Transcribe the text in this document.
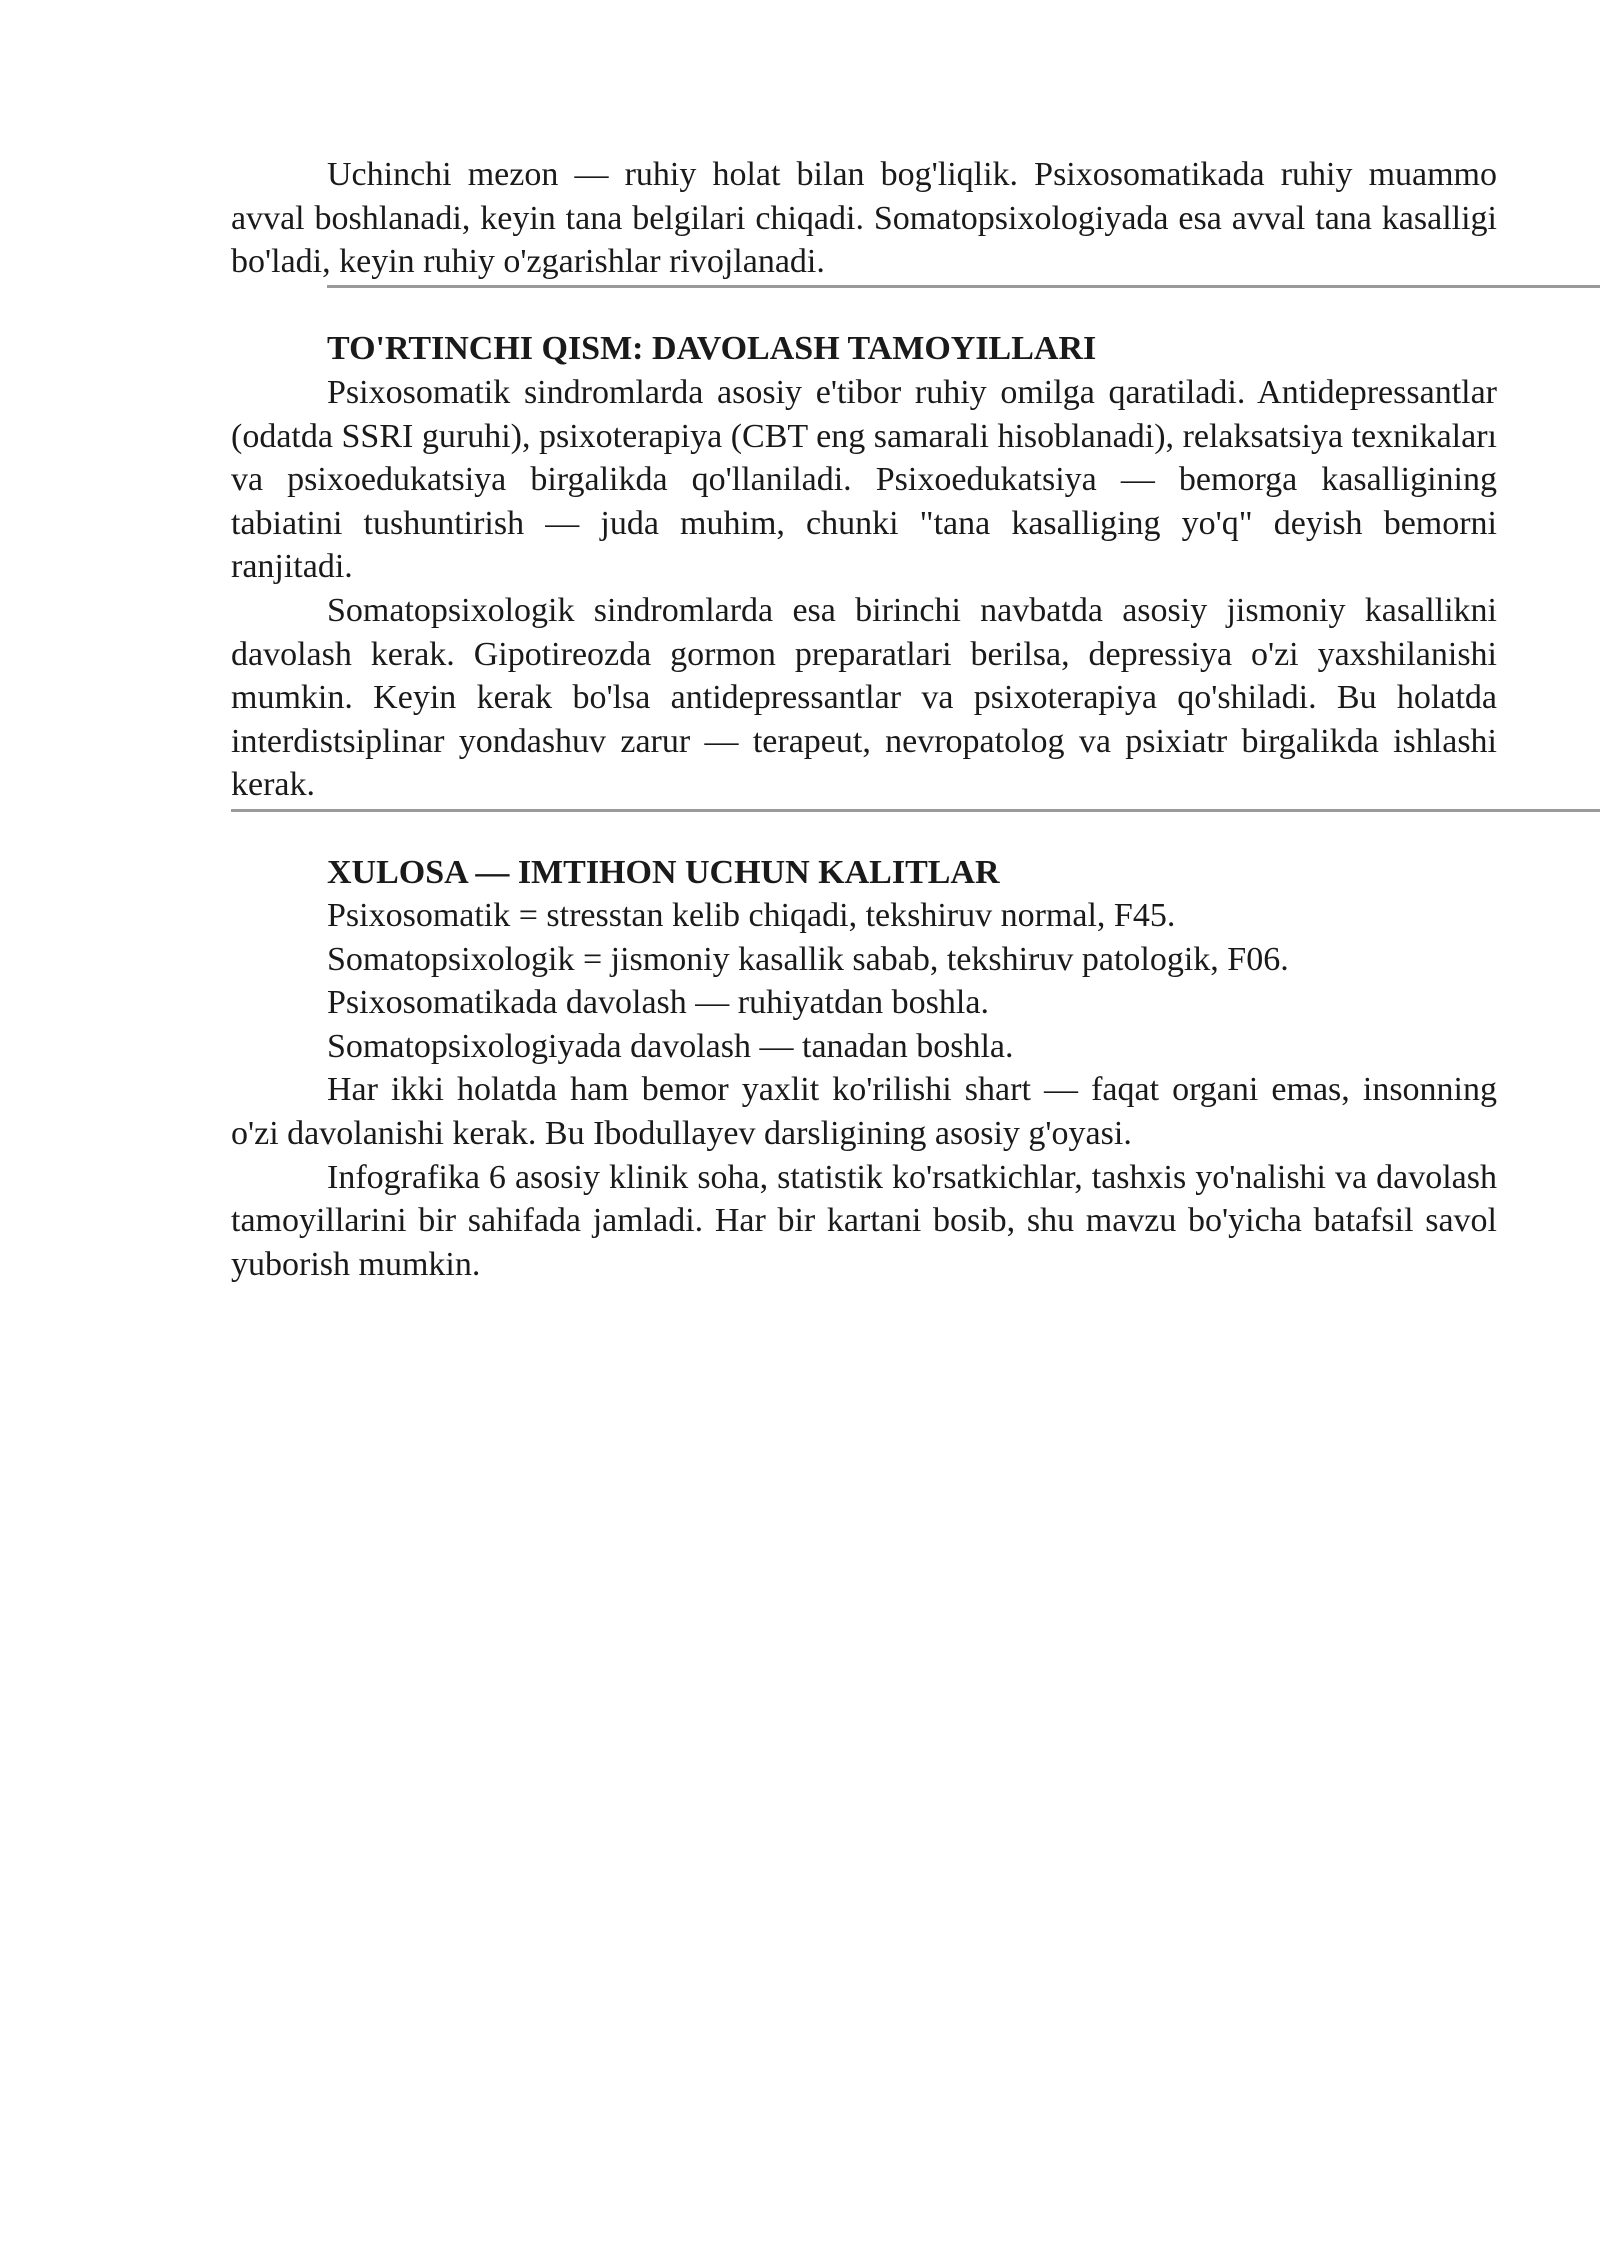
Uchinchi mezon — ruhiy holat bilan bog'liqlik. Psixosomatikada ruhiy muammo avval boshlanadi, keyin tana belgilari chiqadi. Somatopsixologiyada esa avval tana kasalligi bo'ladi, keyin ruhiy o'zgarishlar rivojlanadi.

TO'RTINCHI QISM: DAVOLASH TAMOYILLARI

Psixosomatik sindromlarda asosiy e'tibor ruhiy omilga qaratiladi. Antidepressantlar (odatda SSRI guruhi), psixoterapiya (CBT eng samarali hisoblanadi), relaksatsiya texnikaları va psixoedukatsiya birgalikda qo'llaniladi. Psixoedukatsiya — bemorga kasalligining tabiatini tushuntirish — juda muhim, chunki "tana kasalliging yo'q" deyish bemorni ranjitadi.

Somatopsixologik sindromlarda esa birinchi navbatda asosiy jismoniy kasallikni davolash kerak. Gipotireozda gormon preparatlari berilsa, depressiya o'zi yaxshilanishi mumkin. Keyin kerak bo'lsa antidepressantlar va psixoterapiya qo'shiladi. Bu holatda interdistsiplinar yondashuv zarur — terapeut, nevropatolog va psixiatr birgalikda ishlashi kerak.

XULOSA — IMTIHON UCHUN KALITLAR

Psixosomatik = stresstan kelib chiqadi, tekshiruv normal, F45.

Somatopsixologik = jismoniy kasallik sabab, tekshiruv patologik, F06.

Psixosomatikada davolash — ruhiyatdan boshla.

Somatopsixologiyada davolash — tanadan boshla.

Har ikki holatda ham bemor yaxlit ko'rilishi shart — faqat organi emas, insonning o'zi davolanishi kerak. Bu Ibodullayev darsligining asosiy g'oyasi.

Infografika 6 asosiy klinik soha, statistik ko'rsatkichlar, tashxis yo'nalishi va davolash tamoyillarini bir sahifada jamladi. Har bir kartani bosib, shu mavzu bo'yicha batafsil savol yuborish mumkin.
